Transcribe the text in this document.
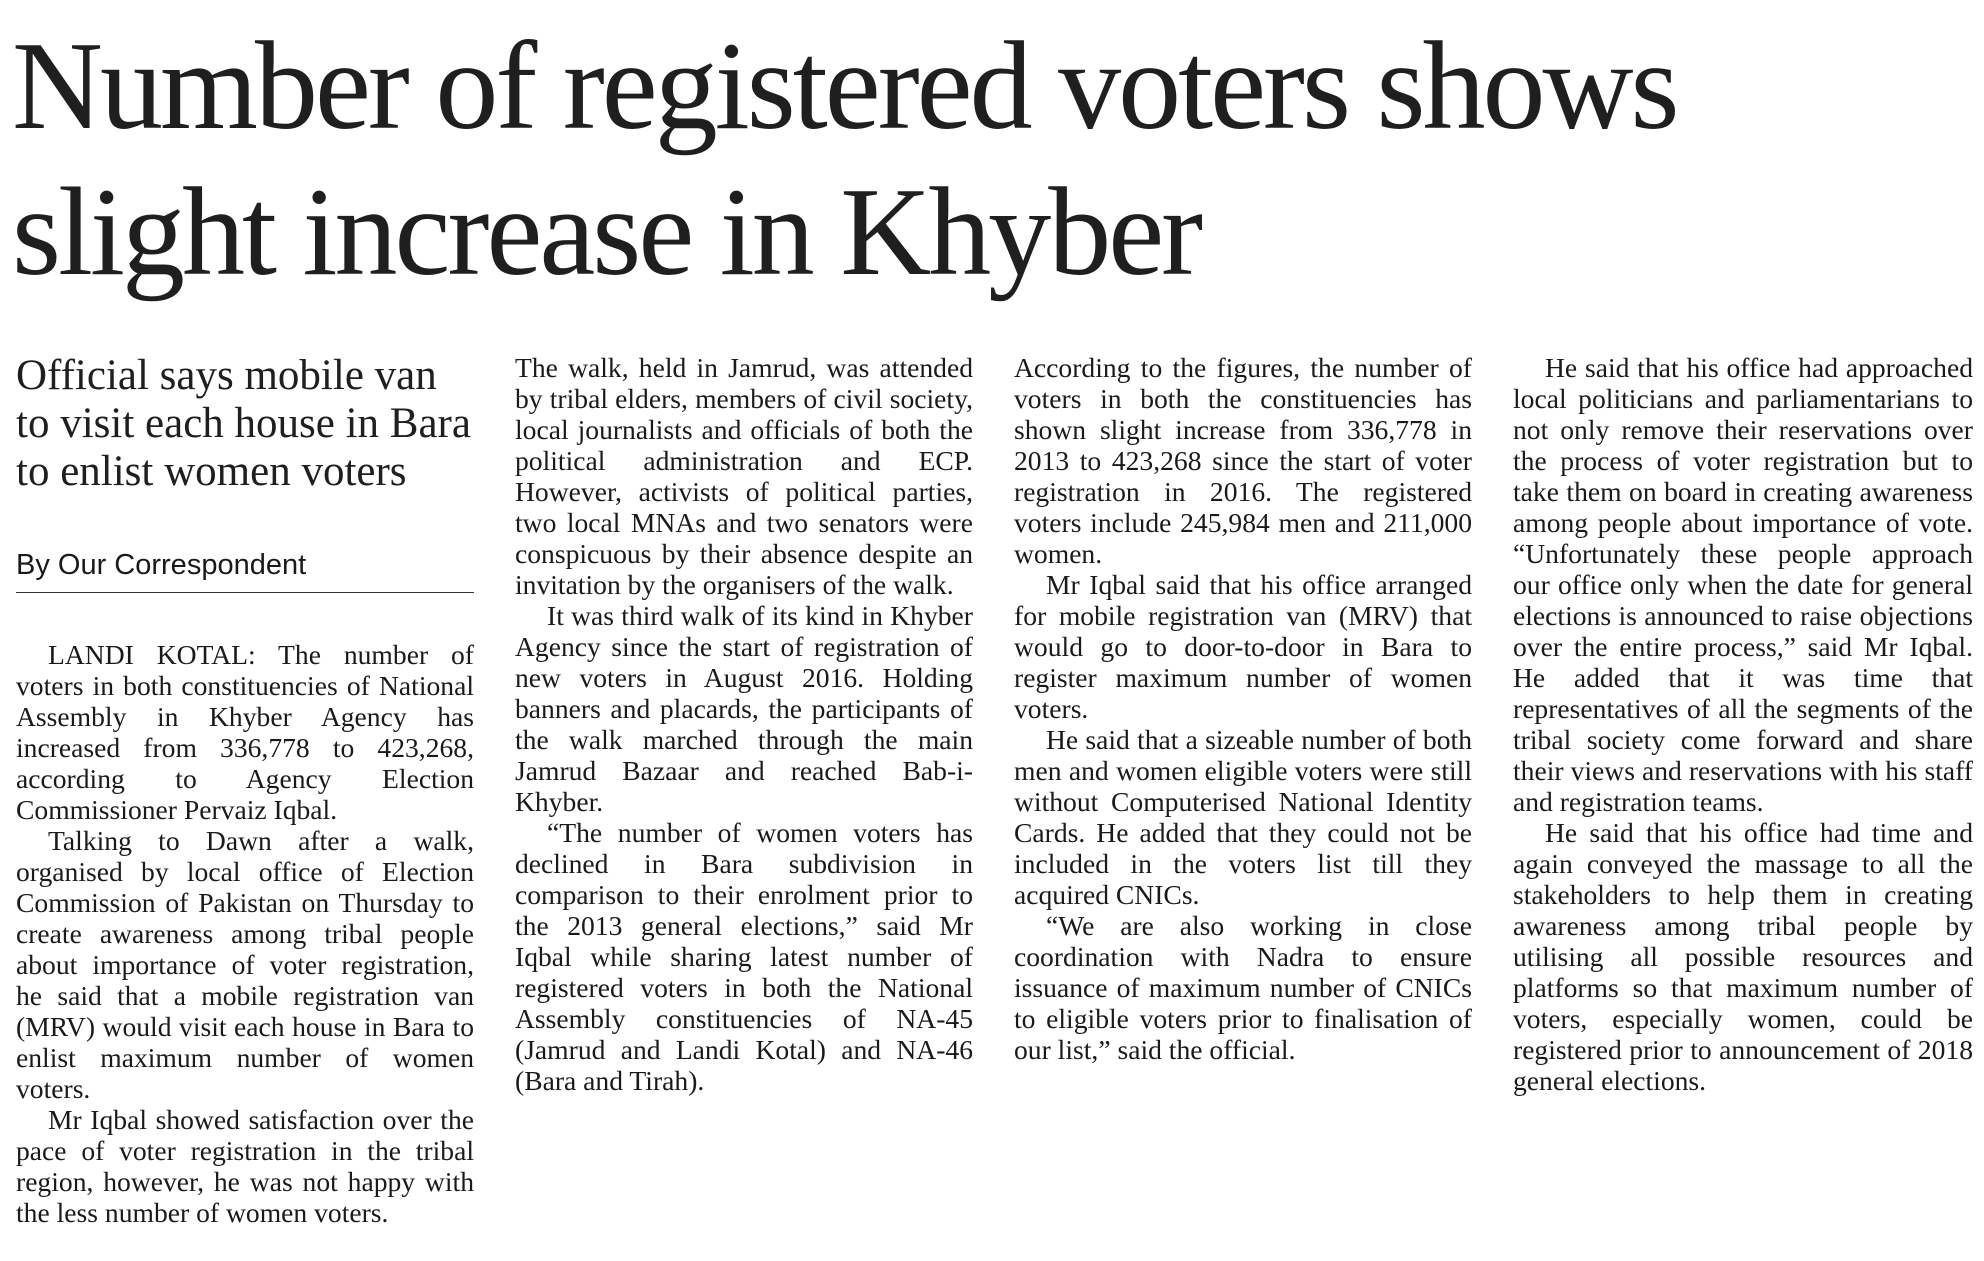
Number of registered voters shows
slight increase in Khyber
Official says mobile van to visit each house in Bara to enlist women voters
By Our Correspondent

LANDI KOTAL: The number of voters in both constituencies of National Assembly in Khyber Agency has increased from 336,778 to 423,268, according to Agency Election Commissioner Pervaiz Iqbal.

Talking to Dawn after a walk, organised by local office of Election Commission of Pakistan on Thursday to create awareness among tribal people about importance of voter registration, he said that a mobile registration van (MRV) would visit each house in Bara to enlist maximum number of women voters.

Mr Iqbal showed satisfaction over the pace of voter registration in the tribal region, however, he was not happy with the less number of women voters.

The walk, held in Jamrud, was attended by tribal elders, members of civil society, local journalists and officials of both the political administration and ECP. However, activists of political parties, two local MNAs and two senators were conspicuous by their absence despite an invitation by the organisers of the walk.

It was third walk of its kind in Khyber Agency since the start of registration of new voters in August 2016. Holding banners and placards, the participants of the walk marched through the main Jamrud Bazaar and reached Bab-i-Khyber.

“The number of women voters has declined in Bara subdivision in comparison to their enrolment prior to the 2013 general elections,” said Mr Iqbal while sharing latest number of registered voters in both the National Assembly constituencies of NA-45 (Jamrud and Landi Kotal) and NA-46 (Bara and Tirah).

According to the figures, the number of voters in both the constituencies has shown slight increase from 336,778 in 2013 to 423,268 since the start of voter registration in 2016. The registered voters include 245,984 men and 211,000 women.

Mr Iqbal said that his office arranged for mobile registration van (MRV) that would go to door-to-door in Bara to register maximum number of women voters.

He said that a sizeable number of both men and women eligible voters were still without Computerised National Identity Cards. He added that they could not be included in the voters list till they acquired CNICs.

“We are also working in close coordination with Nadra to ensure issuance of maximum number of CNICs to eligible voters prior to finalisation of our list,” said the official.

He said that his office had approached local politicians and parliamentarians to not only remove their reservations over the process of voter registration but to take them on board in creating awareness among people about importance of vote. “Unfortunately these people approach our office only when the date for general elections is announced to raise objections over the entire process,” said Mr Iqbal. He added that it was time that representatives of all the segments of the tribal society come forward and share their views and reservations with his staff and registration teams.

He said that his office had time and again conveyed the massage to all the stakeholders to help them in creating awareness among tribal people by utilising all possible resources and platforms so that maximum number of voters, especially women, could be registered prior to announcement of 2018 general elections.
